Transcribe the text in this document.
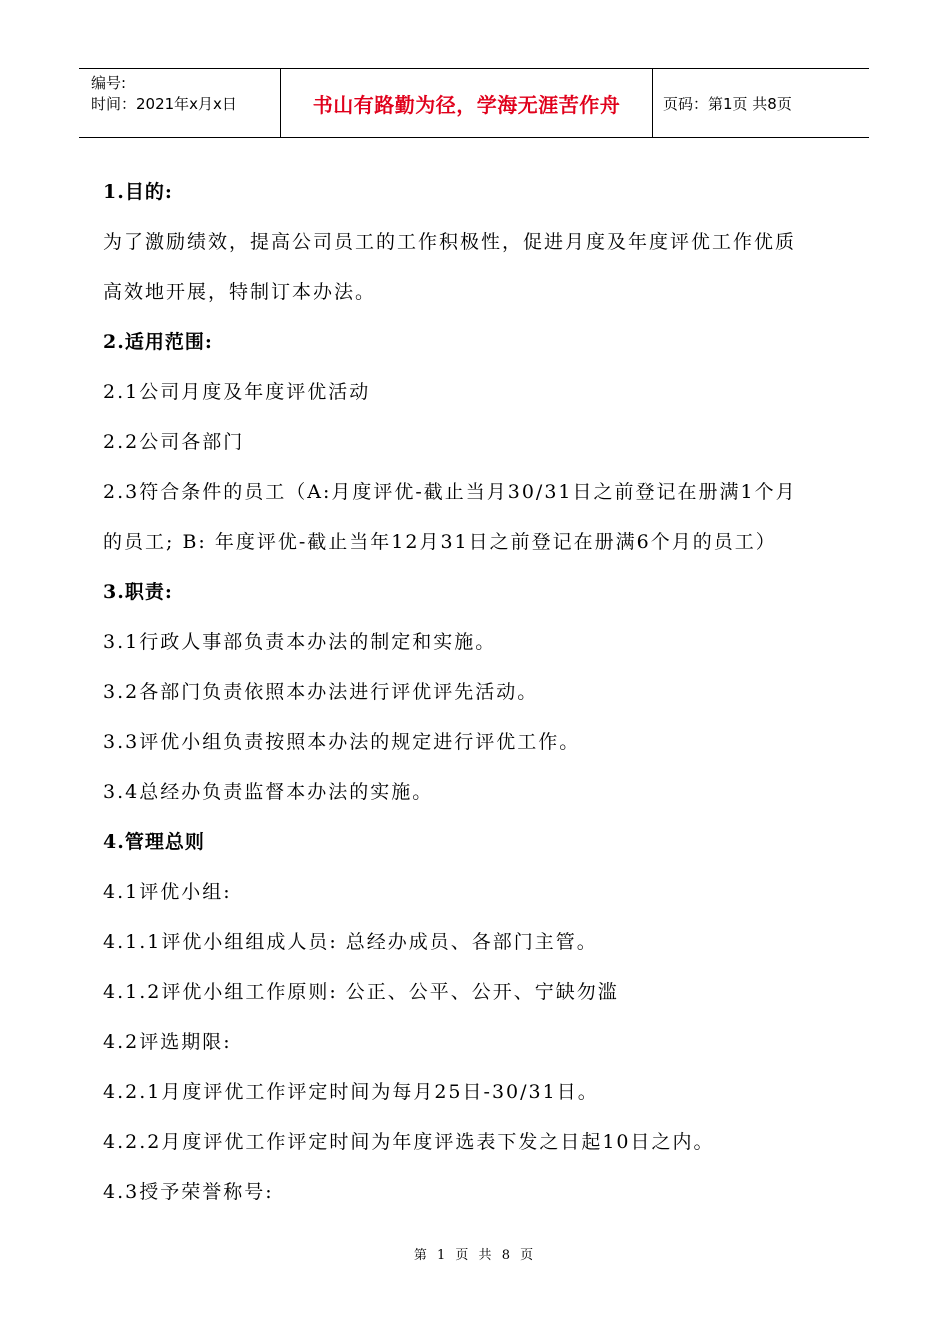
编号:
时间：2021年x月x日	书山有路勤为径，学海无涯苦作舟	页码：第1页 共8页
1.目的:
为了激励绩效，提高公司员工的工作积极性，促进月度及年度评优工作优质
高效地开展，特制订本办法。
2.适用范围:
2.1公司月度及年度评优活动
2.2公司各部门
2.3符合条件的员工（A:月度评优-截止当月30/31日之前登记在册满1个月
的员工; B: 年度评优-截止当年12月31日之前登记在册满6个月的员工）
3.职责:
3.1行政人事部负责本办法的制定和实施。
3.2各部门负责依照本办法进行评优评先活动。
3.3评优小组负责按照本办法的规定进行评优工作。
3.4总经办负责监督本办法的实施。
4.管理总则
4.1评优小组:
4.1.1评优小组组成人员: 总经办成员、各部门主管。
4.1.2评优小组工作原则: 公正、公平、公开、宁缺勿滥
4.2评选期限:
4.2.1月度评优工作评定时间为每月25日-30/31日。
4.2.2月度评优工作评定时间为年度评选表下发之日起10日之内。
4.3授予荣誉称号:
第 1 页 共 8 页
